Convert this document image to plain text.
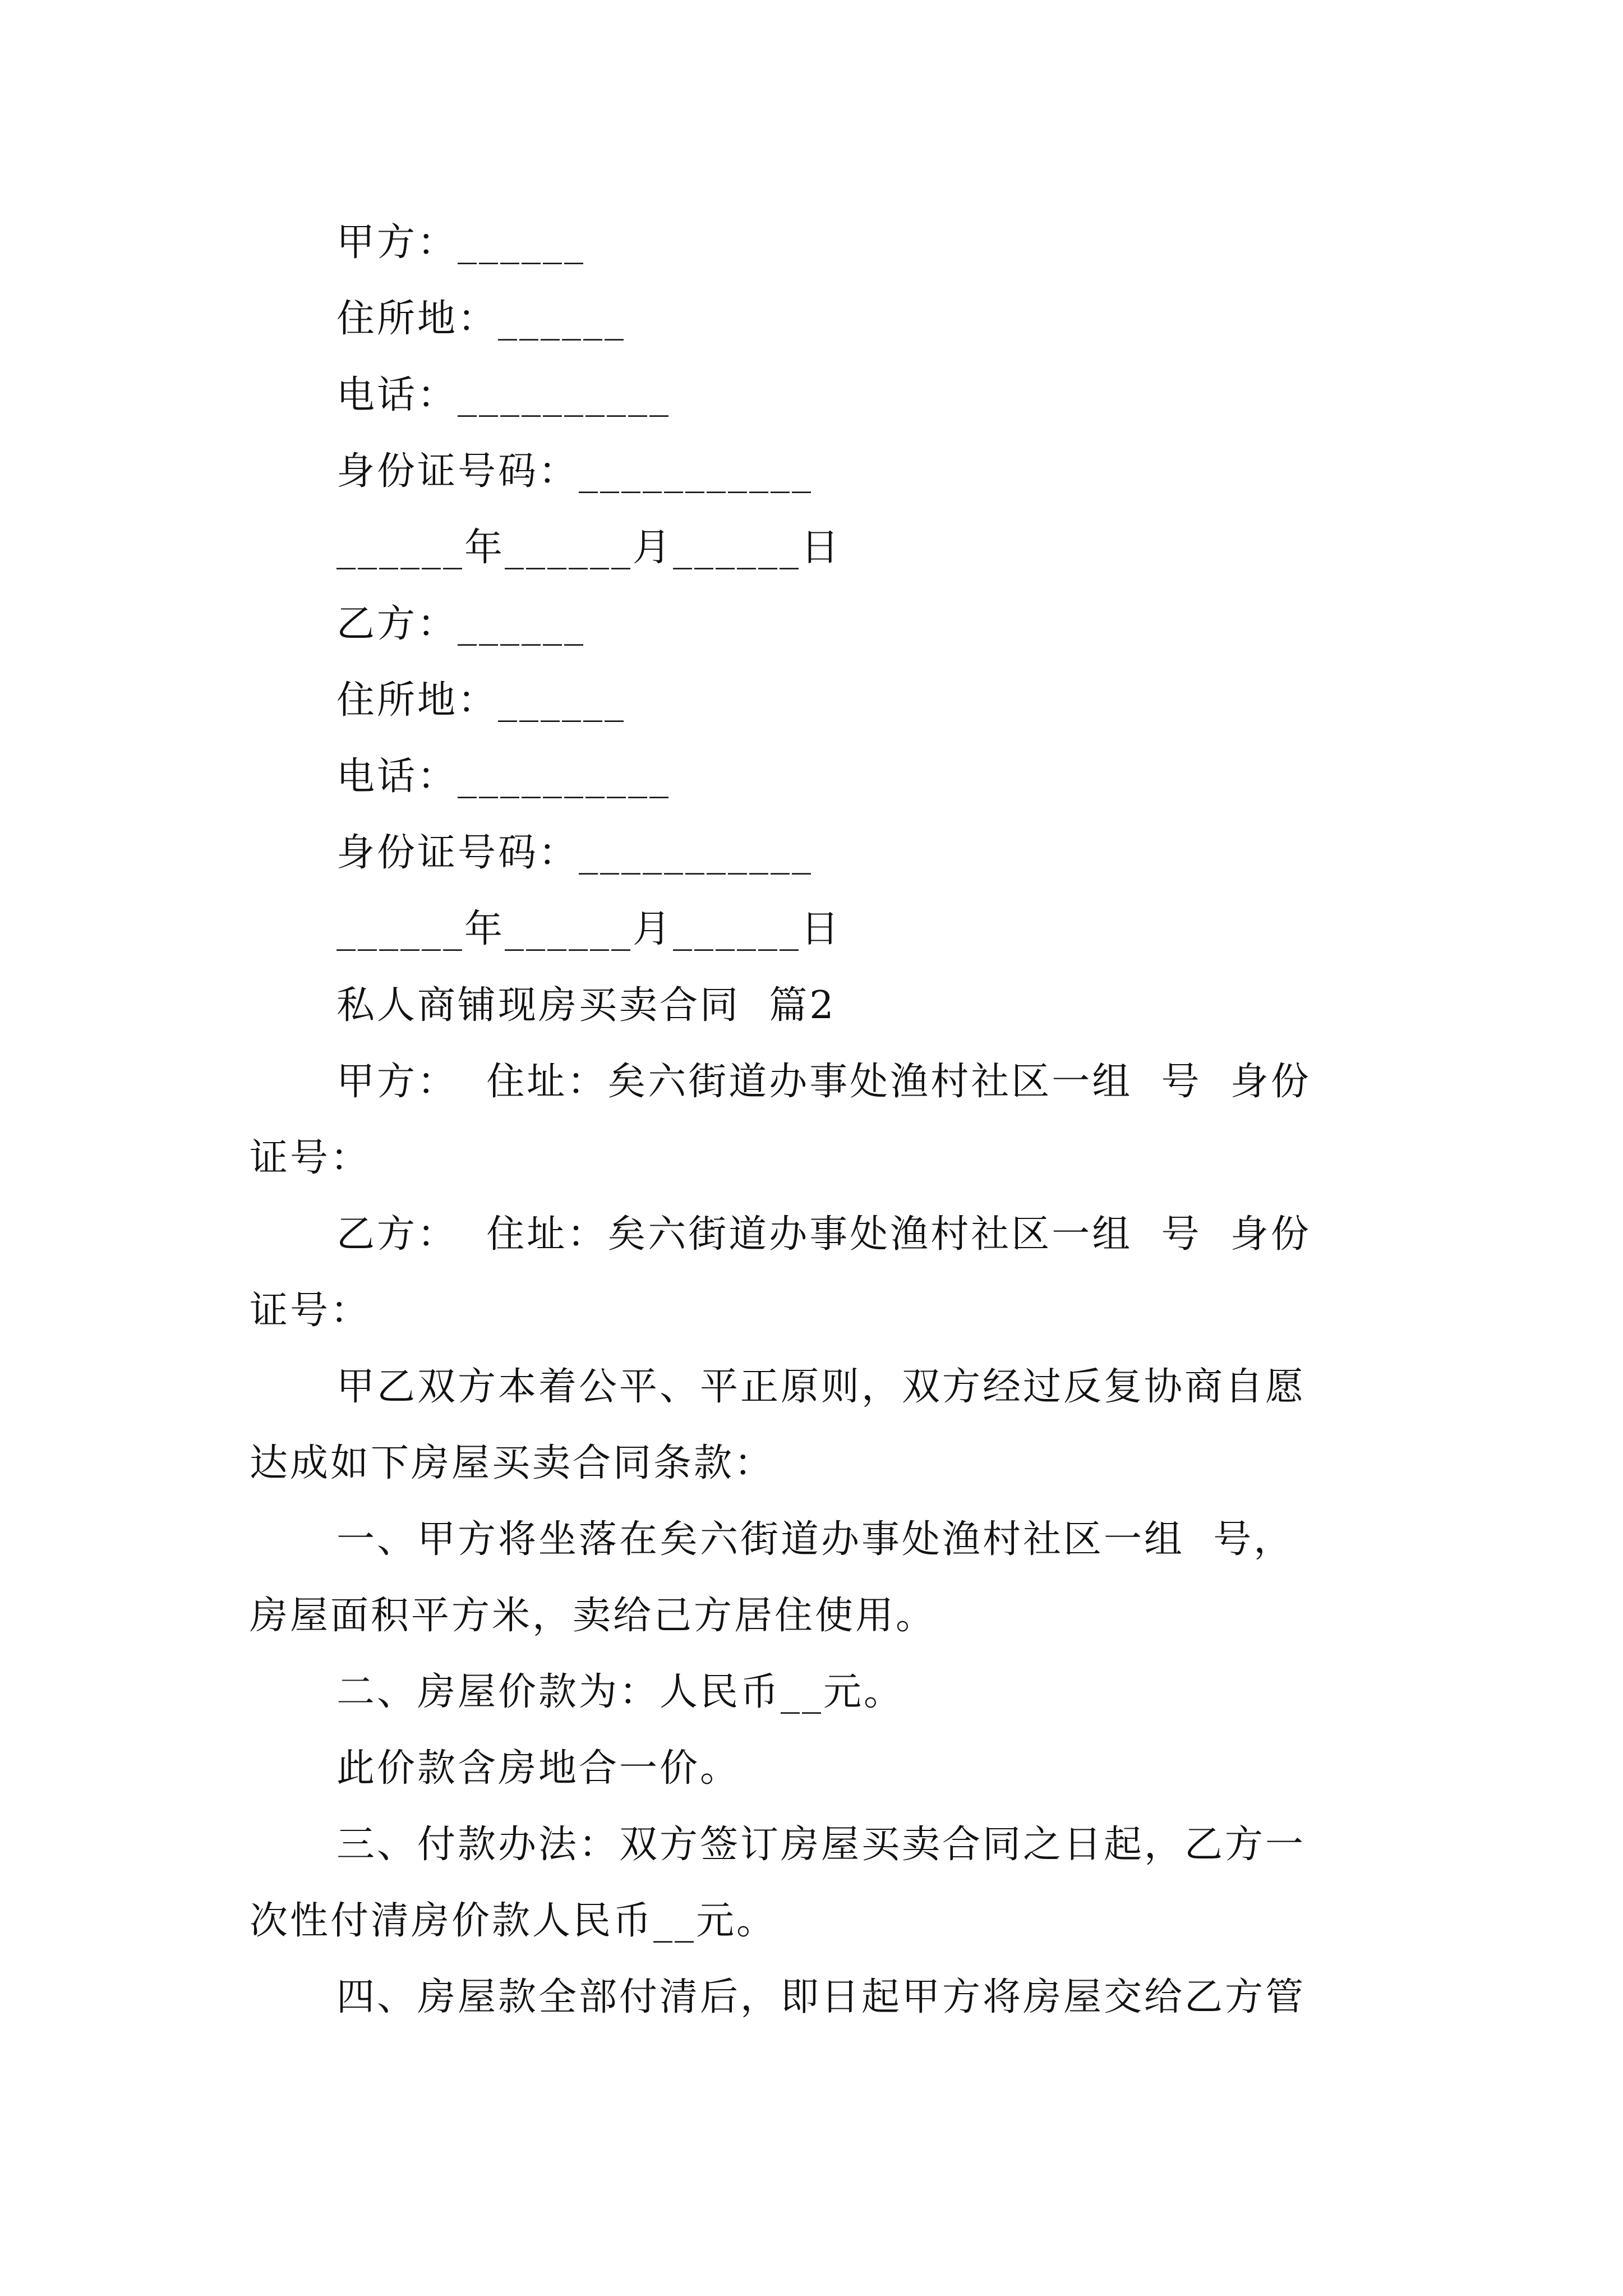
甲方：______
住所地：______
电话：__________
身份证号码：___________
______年______月______日
乙方：______
住所地：______
电话：__________
身份证号码：___________
______年______月______日
私人商铺现房买卖合同  篇2
甲方：  住址：矣六街道办事处渔村社区一组  号  身份
证号：
乙方：  住址：矣六街道办事处渔村社区一组  号  身份
证号：
甲乙双方本着公平、平正原则，双方经过反复协商自愿
达成如下房屋买卖合同条款：
一、甲方将坐落在矣六街道办事处渔村社区一组  号，
房屋面积平方米，卖给己方居住使用。
二、房屋价款为：人民币__元。
此价款含房地合一价。
三、付款办法：双方签订房屋买卖合同之日起，乙方一
次性付清房价款人民币__元。
四、房屋款全部付清后，即日起甲方将房屋交给乙方管
